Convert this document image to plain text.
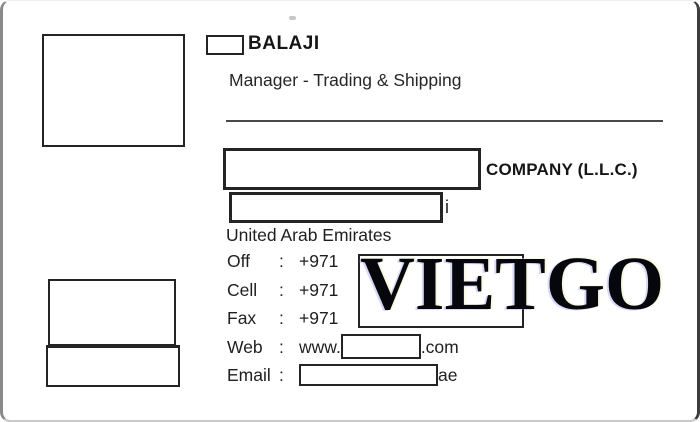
BALAJI
Manager - Trading & Shipping
COMPANY (L.L.C.)
i
United Arab Emirates
Off : +971
Cell : +971
Fax : +971
Web : www.	.com
Email :	ae
VIETGO
